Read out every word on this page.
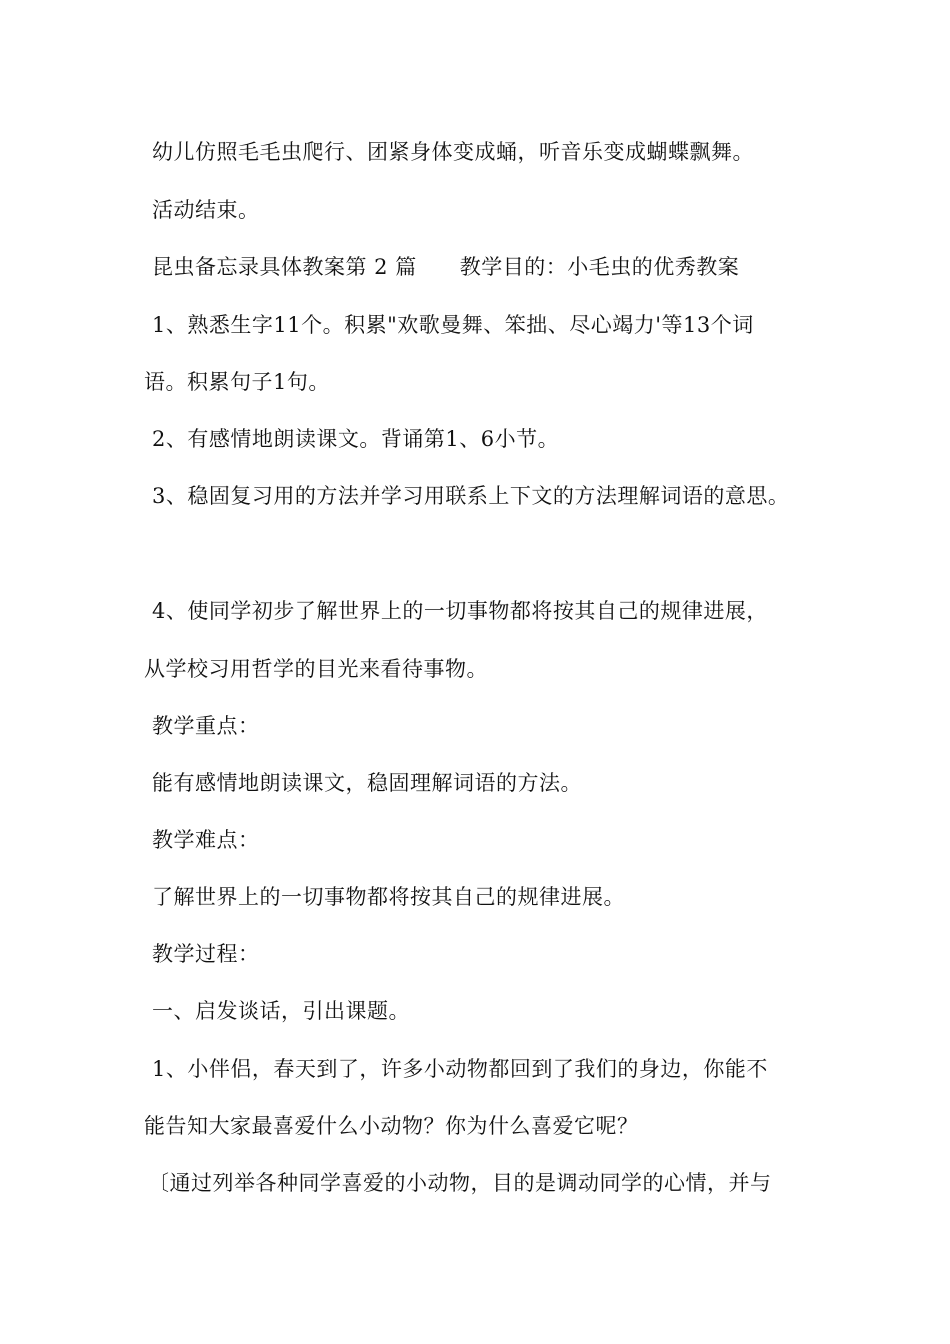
幼儿仿照毛毛虫爬行、团紧身体变成蛹，听音乐变成蝴蝶飘舞。
活动结束。
昆虫备忘录具体教案第 2 篇　　教学目的：小毛虫的优秀教案
1、熟悉生字11个。积累"欢歌曼舞、笨拙、尽心竭力'等13个词
语。积累句子1句。
2、有感情地朗读课文。背诵第1、6小节。
3、稳固复习用的方法并学习用联系上下文的方法理解词语的意思。
4、使同学初步了解世界上的一切事物都将按其自己的规律进展，
从学校习用哲学的目光来看待事物。
教学重点：
能有感情地朗读课文，稳固理解词语的方法。
教学难点：
了解世界上的一切事物都将按其自己的规律进展。
教学过程：
一、启发谈话，引出课题。
1、小伴侣，春天到了，许多小动物都回到了我们的身边，你能不
能告知大家最喜爱什么小动物？你为什么喜爱它呢？
〔通过列举各种同学喜爱的小动物，目的是调动同学的心情，并与
